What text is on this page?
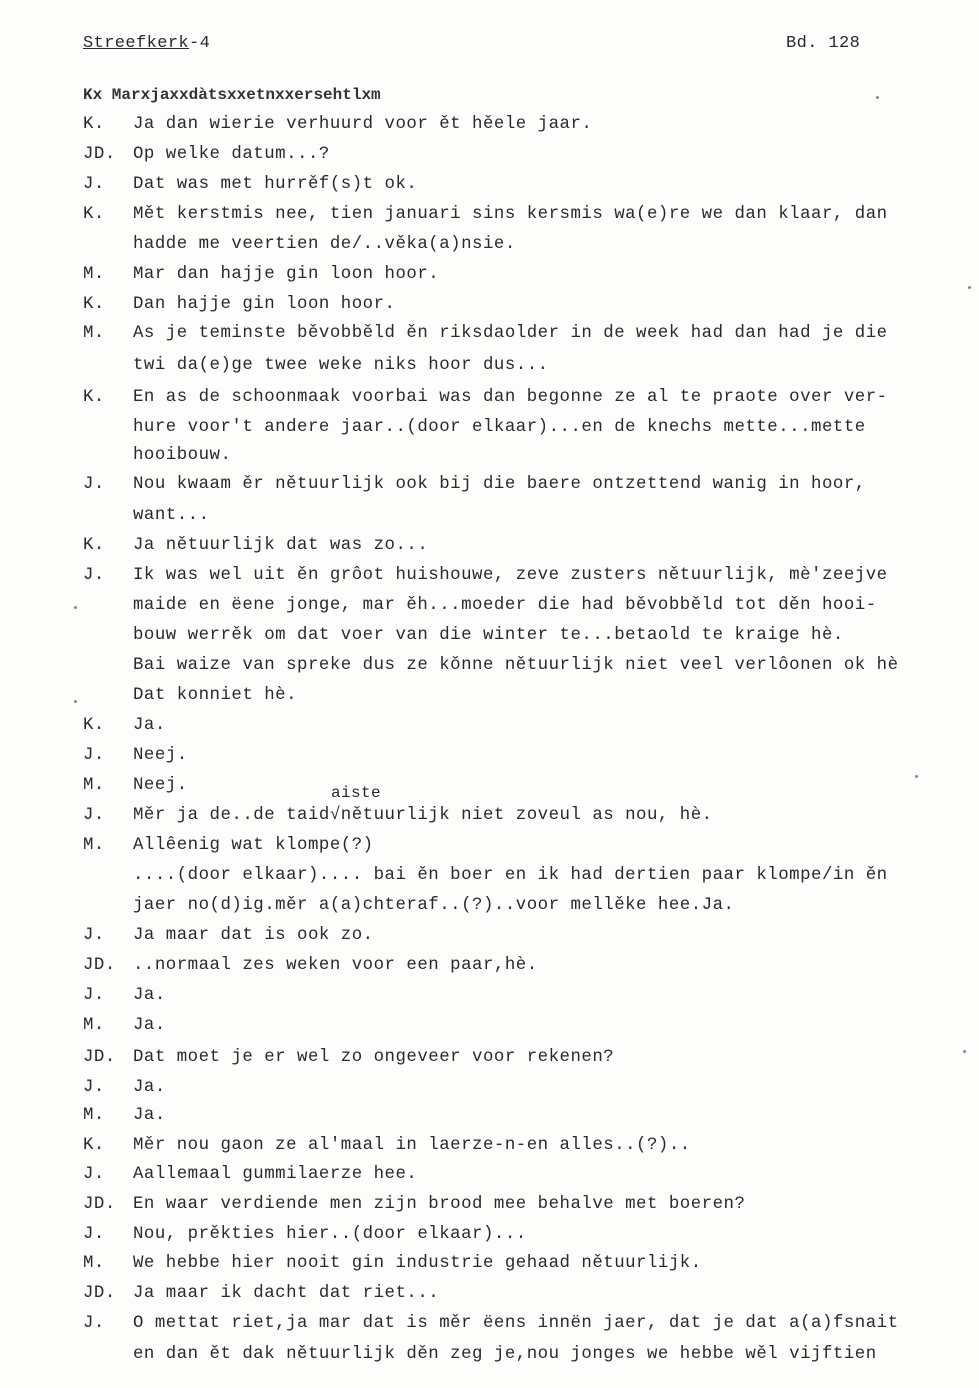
Streefkerk-4	Bd. 128
Kx Marxjaxxdàtsxxetnxxersehtlxm
K. Ja dan wierie verhuurd voor ět hěele jaar.
JD. Op welke datum...?
J. Dat was met hurrěf(s)t ok.
K. Mět kerstmis nee, tien januari sins kersmis wa(e)re we dan klaar, dan
hadde me veertien de/..věka(a)nsie.
M. Mar dan hajje gin loon hoor.
K. Dan hajje gin loon hoor.
M. As je teminste běvobběld ěn riksdaolder in de week had dan had je die
twi da(e)ge twee weke niks hoor dus...
K. En as de schoonmaak voorbai was dan begonne ze al te praote over ver-
hure voor't andere jaar..(door elkaar)...en de knechs mette...mette
hooibouw.
J. Nou kwaam ěr nětuurlijk ook bij die baere ontzettend wanig in hoor,
want...
K. Ja nětuurlijk dat was zo...
J. Ik was wel uit ěn grôot huishouwe, zeve zusters nětuurlijk, mè'zeejve
maide en ëene jonge, mar ěh...moeder die had běvobběld tot děn hooi-
bouw werrěk om dat voer van die winter te...betaold te kraige hè.
Bai waize van spreke dus ze kǒnne nětuurlijk niet veel verlôonen ok hè
Dat konniet hè.
K. Ja.
J. Neej.
M. Neej.
J. Měr ja de..de taid√nětuurlijk niet zoveul as nou, hè.
M. Allêenig wat klompe(?)
....(door elkaar).... bai ěn boer en ik had dertien paar klompe/in ěn
jaer no(d)ig.měr a(a)chteraf..(?)..voor mellěke hee.Ja.
J. Ja maar dat is ook zo.
JD. ..normaal zes weken voor een paar,hè.
J. Ja.
M. Ja.
JD. Dat moet je er wel zo ongeveer voor rekenen?
J. Ja.
M. Ja.
K. Měr nou gaon ze al'maal in laerze-n-en alles..(?)..
J. Aallemaal gummilaerze hee.
JD. En waar verdiende men zijn brood mee behalve met boeren?
J. Nou, prěkties hier..(door elkaar)...
M. We hebbe hier nooit gin industrie gehaad nětuurlijk.
JD. Ja maar ik dacht dat riet...
J. O mettat riet,ja mar dat is měr ëens innën jaer, dat je dat a(a)fsnait
en dan ět dak nětuurlijk děn zeg je,nou jonges we hebbe wěl vijftien
aiste
